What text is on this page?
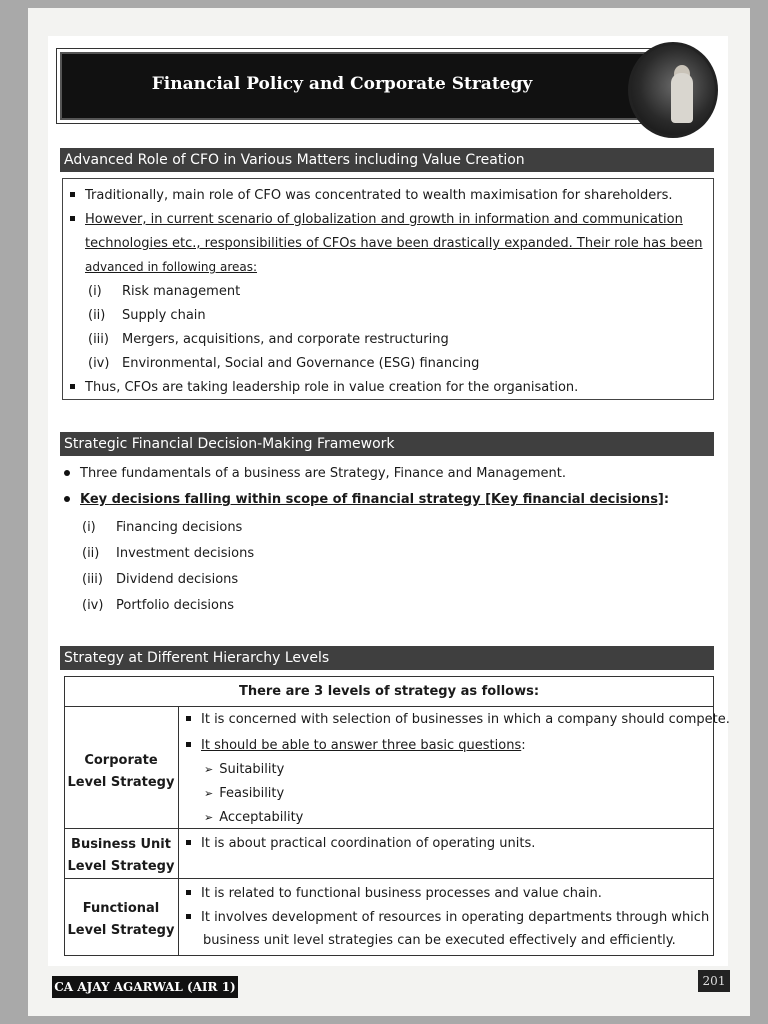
Financial Policy and Corporate Strategy
Advanced Role of CFO in Various Matters including Value Creation
Traditionally, main role of CFO was concentrated to wealth maximisation for shareholders.
However, in current scenario of globalization and growth in information and communication
technologies etc., responsibilities of CFOs have been drastically expanded. Their role has been
advanced in following areas:
(i) Risk management
(ii) Supply chain
(iii) Mergers, acquisitions, and corporate restructuring
(iv) Environmental, Social and Governance (ESG) financing
Thus, CFOs are taking leadership role in value creation for the organisation.
Strategic Financial Decision-Making Framework
Three fundamentals of a business are Strategy, Finance and Management.
Key decisions falling within scope of financial strategy [Key financial decisions]:
(i) Financing decisions
(ii) Investment decisions
(iii) Dividend decisions
(iv) Portfolio decisions
Strategy at Different Hierarchy Levels
There are 3 levels of strategy as follows:
Corporate
Level Strategy
It is concerned with selection of businesses in which a company should compete.
It should be able to answer three basic questions:
➢ Suitability
➢ Feasibility
➢ Acceptability
Business Unit
Level Strategy
It is about practical coordination of operating units.
Functional
Level Strategy
It is related to functional business processes and value chain.
It involves development of resources in operating departments through which
business unit level strategies can be executed effectively and efficiently.
CA AJAY AGARWAL (AIR 1)	201
